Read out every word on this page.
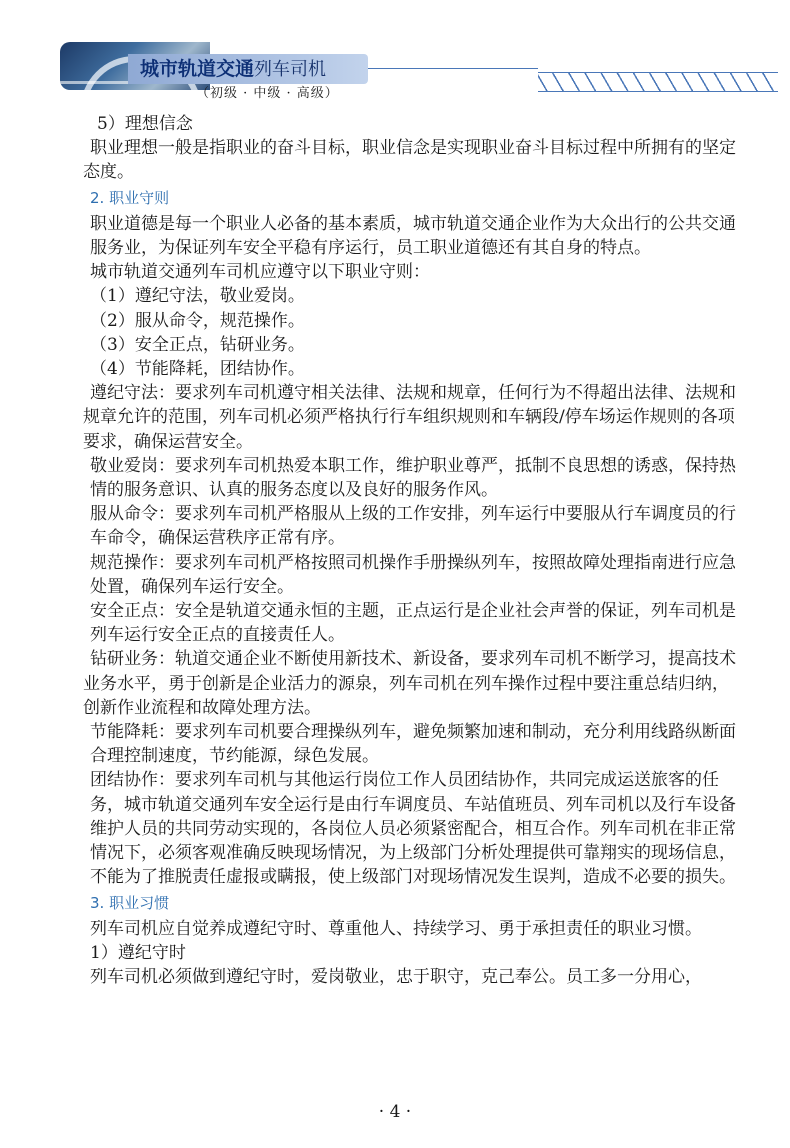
城市轨道交通列车司机
（初级 · 中级 · 高级）

5）理想信念

职业理想一般是指职业的奋斗目标，职业信念是实现职业奋斗目标过程中所拥有的坚定态度。

2. 职业守则

职业道德是每一个职业人必备的基本素质，城市轨道交通企业作为大众出行的公共交通服务业，为保证列车安全平稳有序运行，员工职业道德还有其自身的特点。

城市轨道交通列车司机应遵守以下职业守则：

（1）遵纪守法，敬业爱岗。

（2）服从命令，规范操作。

（3）安全正点，钻研业务。

（4）节能降耗，团结协作。

遵纪守法：要求列车司机遵守相关法律、法规和规章，任何行为不得超出法律、法规和规章允许的范围，列车司机必须严格执行行车组织规则和车辆段/停车场运作规则的各项要求，确保运营安全。

敬业爱岗：要求列车司机热爱本职工作，维护职业尊严，抵制不良思想的诱惑，保持热情的服务意识、认真的服务态度以及良好的服务作风。

服从命令：要求列车司机严格服从上级的工作安排，列车运行中要服从行车调度员的行车命令，确保运营秩序正常有序。

规范操作：要求列车司机严格按照司机操作手册操纵列车，按照故障处理指南进行应急处置，确保列车运行安全。

安全正点：安全是轨道交通永恒的主题，正点运行是企业社会声誉的保证，列车司机是列车运行安全正点的直接责任人。

钻研业务：轨道交通企业不断使用新技术、新设备，要求列车司机不断学习，提高技术业务水平，勇于创新是企业活力的源泉，列车司机在列车操作过程中要注重总结归纳，创新作业流程和故障处理方法。

节能降耗：要求列车司机要合理操纵列车，避免频繁加速和制动，充分利用线路纵断面合理控制速度，节约能源，绿色发展。

团结协作：要求列车司机与其他运行岗位工作人员团结协作，共同完成运送旅客的任务，城市轨道交通列车安全运行是由行车调度员、车站值班员、列车司机以及行车设备维护人员的共同劳动实现的，各岗位人员必须紧密配合，相互合作。列车司机在非正常情况下，必须客观准确反映现场情况，为上级部门分析处理提供可靠翔实的现场信息，不能为了推脱责任虚报或瞒报，使上级部门对现场情况发生误判，造成不必要的损失。

3. 职业习惯

列车司机应自觉养成遵纪守时、尊重他人、持续学习、勇于承担责任的职业习惯。

1）遵纪守时

列车司机必须做到遵纪守时，爱岗敬业，忠于职守，克己奉公。员工多一分用心，

· 4 ·
